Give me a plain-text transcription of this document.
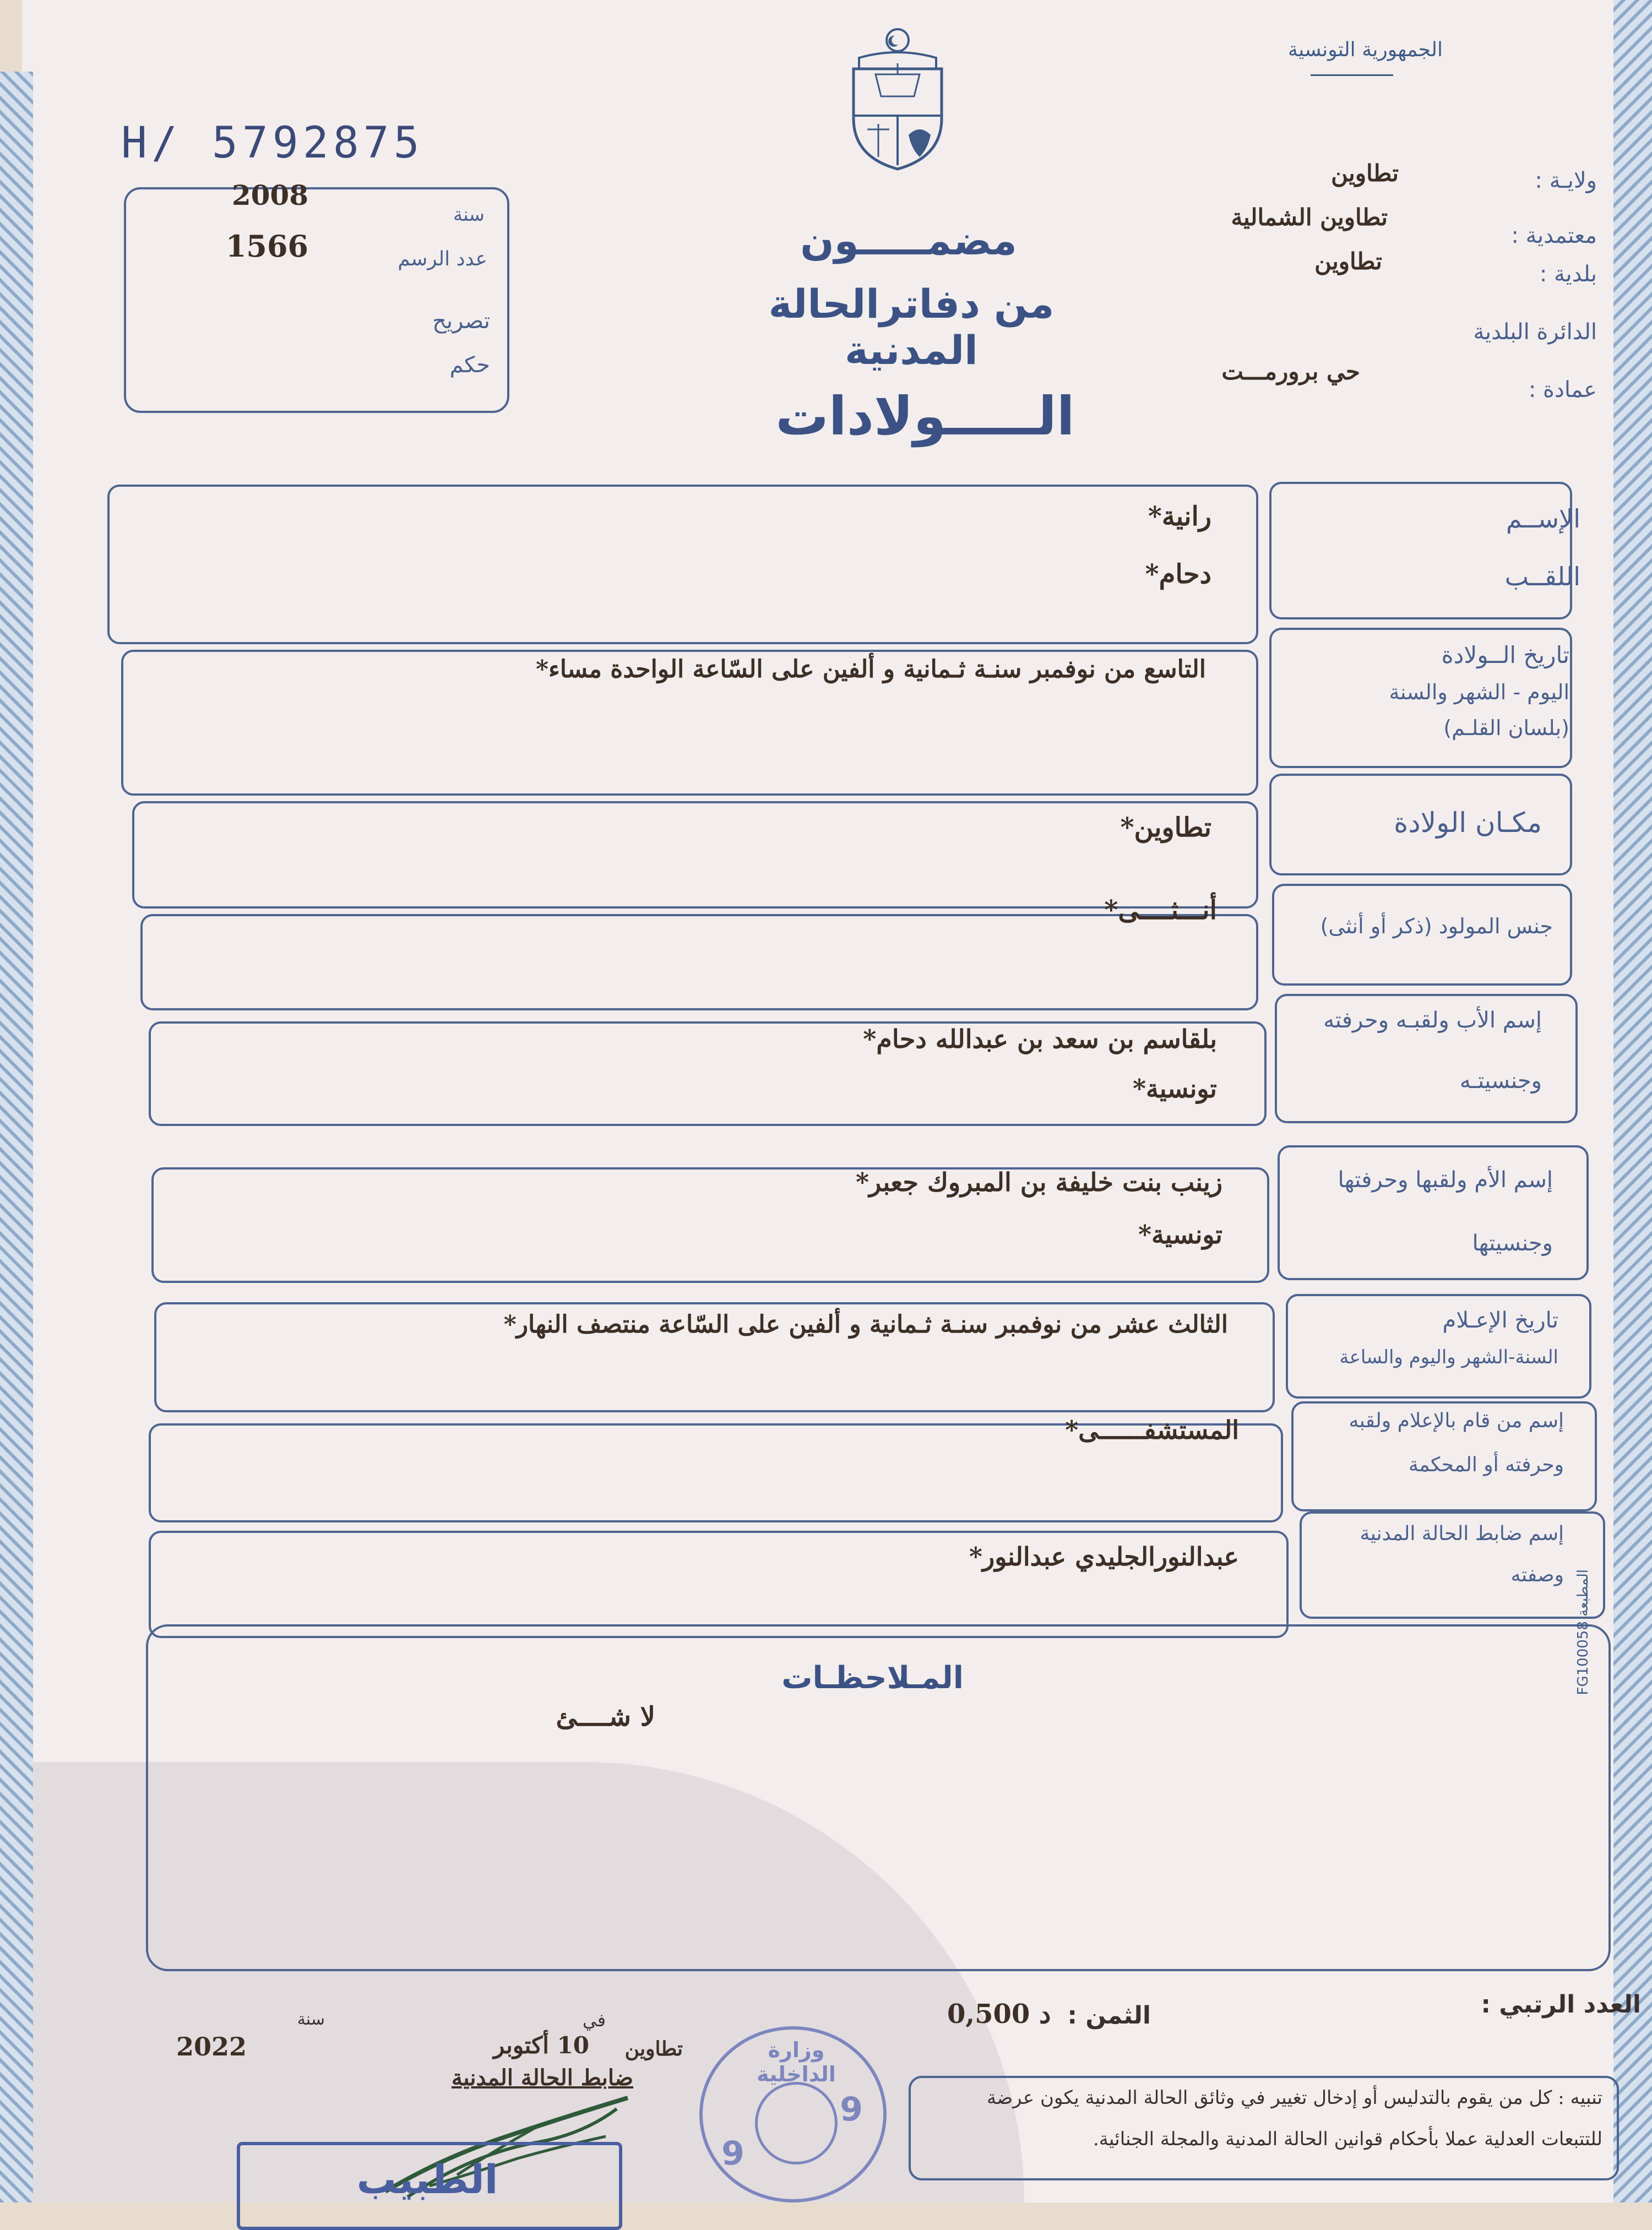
الجمهورية التونسية
H/ 5792875
سنة
2008
عدد الرسم
1566
تصريح
حكم
مضمـــــون
من دفاترالحالة المدنية
الـــــولادات
ولايـة :
تطاوين
معتمدية :
تطاوين الشمالية
بلدية :
تطاوين
الدائرة البلدية
عمادة :
حي برورمـــت
الإســم
اللقــب
رانية*
دحام*
تاريخ الــولادة
اليوم - الشهر والسنة
(بلسان القلـم)
التاسع من نوفمبر سنـة ثـمانية و ألفين على السّاعة الواحدة مساء*
مكـان الولادة
تطاوين*
جنس المولود (ذكر أو أنثى)
أنـــثــــى*
إسم الأب ولقبـه وحرفته
وجنسيتـه
بلقاسم بن سعد بن عبدالله دحام*
تونسية*
إسم الأم ولقبها وحرفتها
وجنسيتها
زينب بنت خليفة بن المبروك جعبر*
تونسية*
تاريخ الإعـلام
السنة-الشهر واليوم والساعة
الثالث عشر من نوفمبر سنـة ثـمانية و ألفين على السّاعة منتصف النهار*
إسم من قام بالإعلام ولقبه
وحرفته أو المحكمة
المستشفــــــى*
إسم ضابط الحالة المدنية
وصفته
عبدالنورالجليدي عبدالنور*
المـلاحظـات
لا شــــئ
المطبعة FG100058
العدد الرتبي :
الثمن :
0,500 د
تطاوين
في
10 أكتوبر
سنة
2022
ضابط الحالة المدنية
وزارة الداخلية
9
9
الطبيب
تنبيه : كل من يقوم بالتدليس أو إدخال تغيير في وثائق الحالة المدنية يكون عرضة
للتتبعات العدلية عملا بأحكام قوانين الحالة المدنية والمجلة الجنائية.
